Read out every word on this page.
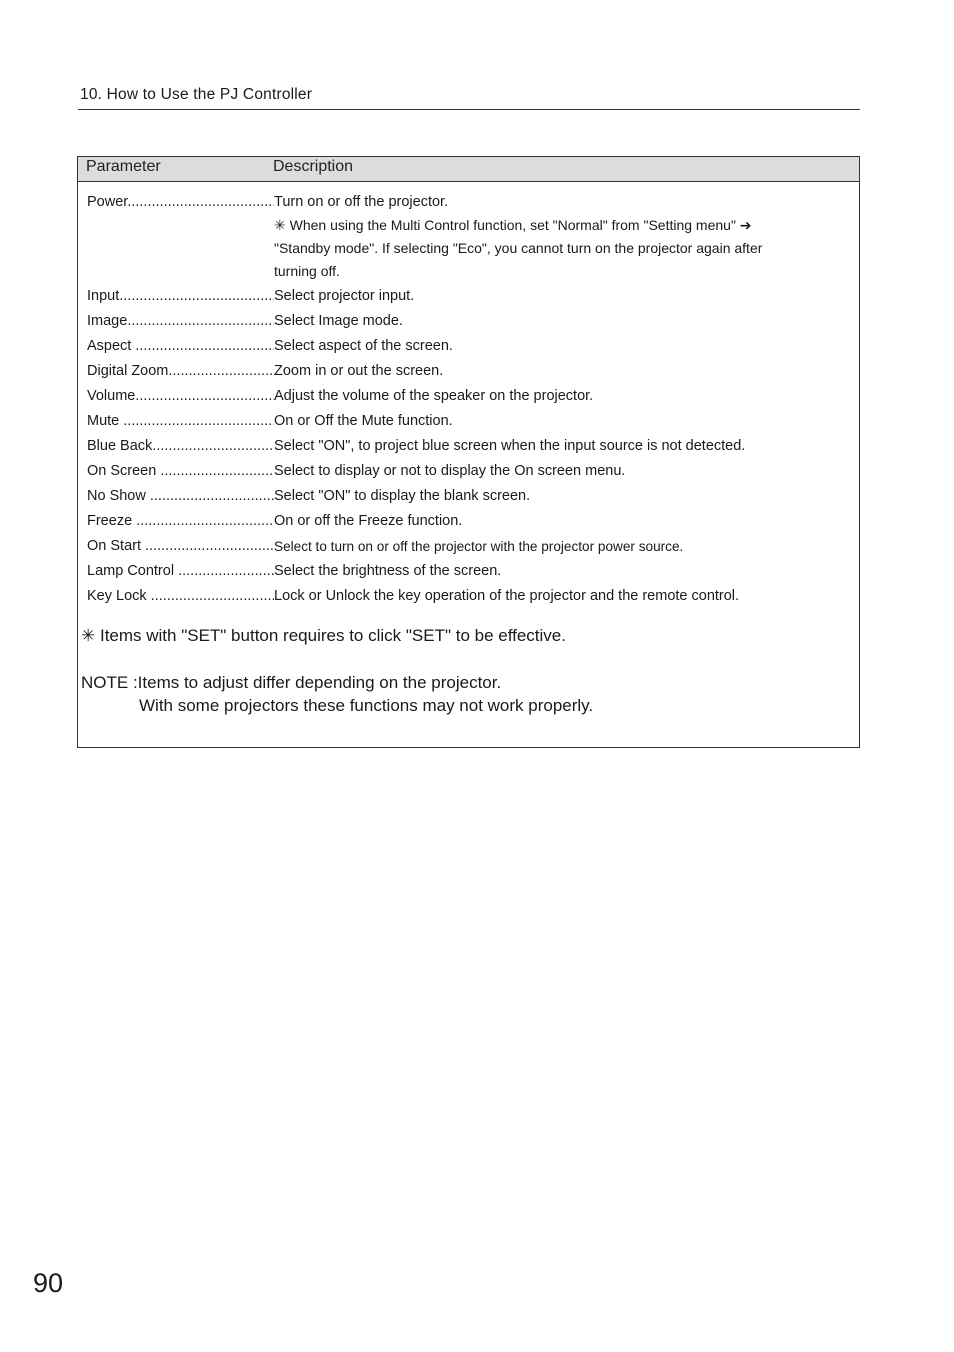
10. How to Use the PJ Controller
Parameter	Description
Power .....	Turn on or off the projector.
✳ When using the Multi Control function, set "Normal" from "Setting menu" ➔
"Standby mode". If selecting "Eco", you cannot turn on the projector again after
turning off.
Input .....	Select projector input.
Image .....	Select Image mode.
Aspect .....	Select aspect of the screen.
Digital Zoom .....	Zoom in or out the screen.
Volume .....	Adjust the volume of the speaker on the projector.
Mute .....	On or Off the Mute function.
Blue Back .....	Select "ON", to project blue screen when the input source is not detected.
On Screen .....	Select to display or not to display the On screen menu.
No Show .....	Select "ON" to display the blank screen.
Freeze .....	On or off the Freeze function.
On Start .....	Select to turn on or off the projector with the projector power source.
Lamp Control .....	Select the brightness of the screen.
Key Lock .....	Lock or Unlock the key operation of the projector and the remote control.
✳ Items with "SET" button requires to click "SET" to be effective.
NOTE :Items to adjust differ depending on the projector.
With some projectors these functions may not work properly.
90
